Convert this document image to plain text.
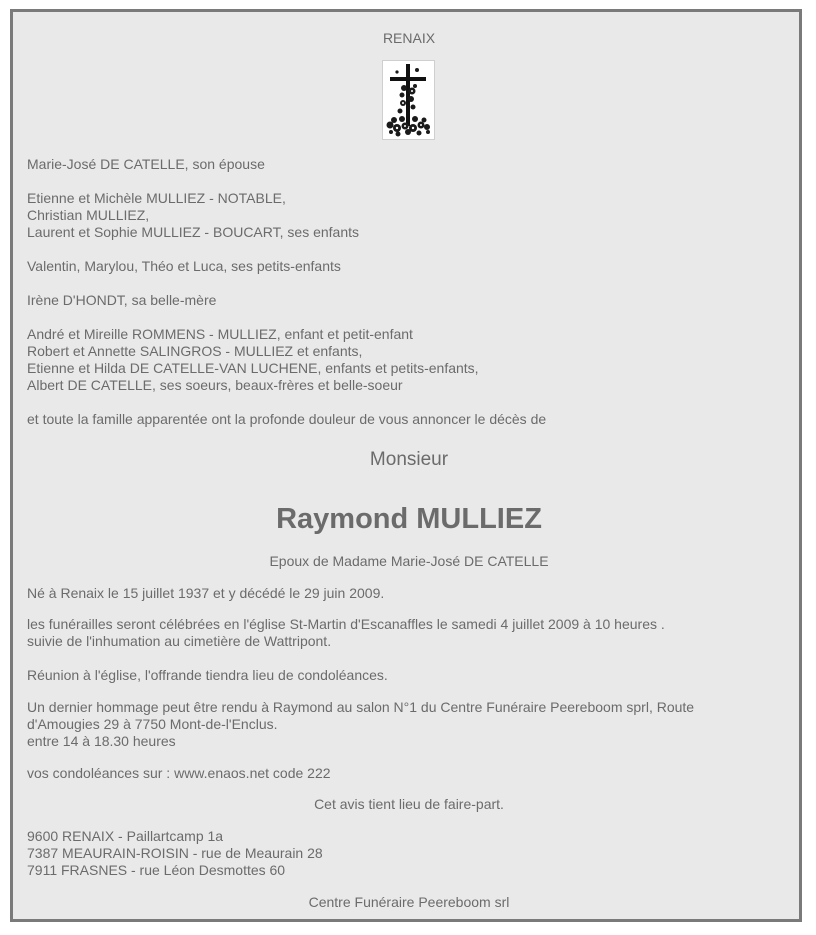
RENAIX
Marie-José DE CATELLE, son épouse
Etienne et Michèle MULLIEZ - NOTABLE,
Christian MULLIEZ,
Laurent et Sophie MULLIEZ - BOUCART, ses enfants
Valentin, Marylou, Théo et Luca, ses petits-enfants
Irène D'HONDT, sa belle-mère
André et Mireille ROMMENS - MULLIEZ, enfant et petit-enfant
Robert et Annette SALINGROS - MULLIEZ et enfants,
Etienne et Hilda DE CATELLE-VAN LUCHENE, enfants et petits-enfants,
Albert DE CATELLE, ses soeurs, beaux-frères et belle-soeur
et toute la famille apparentée ont la profonde douleur de vous annoncer le décès de
Monsieur
Raymond MULLIEZ
Epoux de Madame Marie-José DE CATELLE
Né à Renaix le 15 juillet 1937 et y décédé le 29 juin 2009.
les funérailles seront célébrées en l'église St-Martin d'Escanaffles le samedi 4 juillet 2009 à 10 heures .
suivie de l'inhumation au cimetière de Wattripont.
Réunion à l'église, l'offrande tiendra lieu de condoléances.
Un dernier hommage peut être rendu à Raymond au salon N°1 du Centre Funéraire Peereboom sprl, Route
d'Amougies 29 à 7750 Mont-de-l'Enclus.
entre 14 à 18.30 heures
vos condoléances sur : www.enaos.net code 222
Cet avis tient lieu de faire-part.
9600 RENAIX - Paillartcamp 1a
7387 MEAURAIN-ROISIN - rue de Meaurain 28
7911 FRASNES - rue Léon Desmottes 60
Centre Funéraire Peereboom srl
